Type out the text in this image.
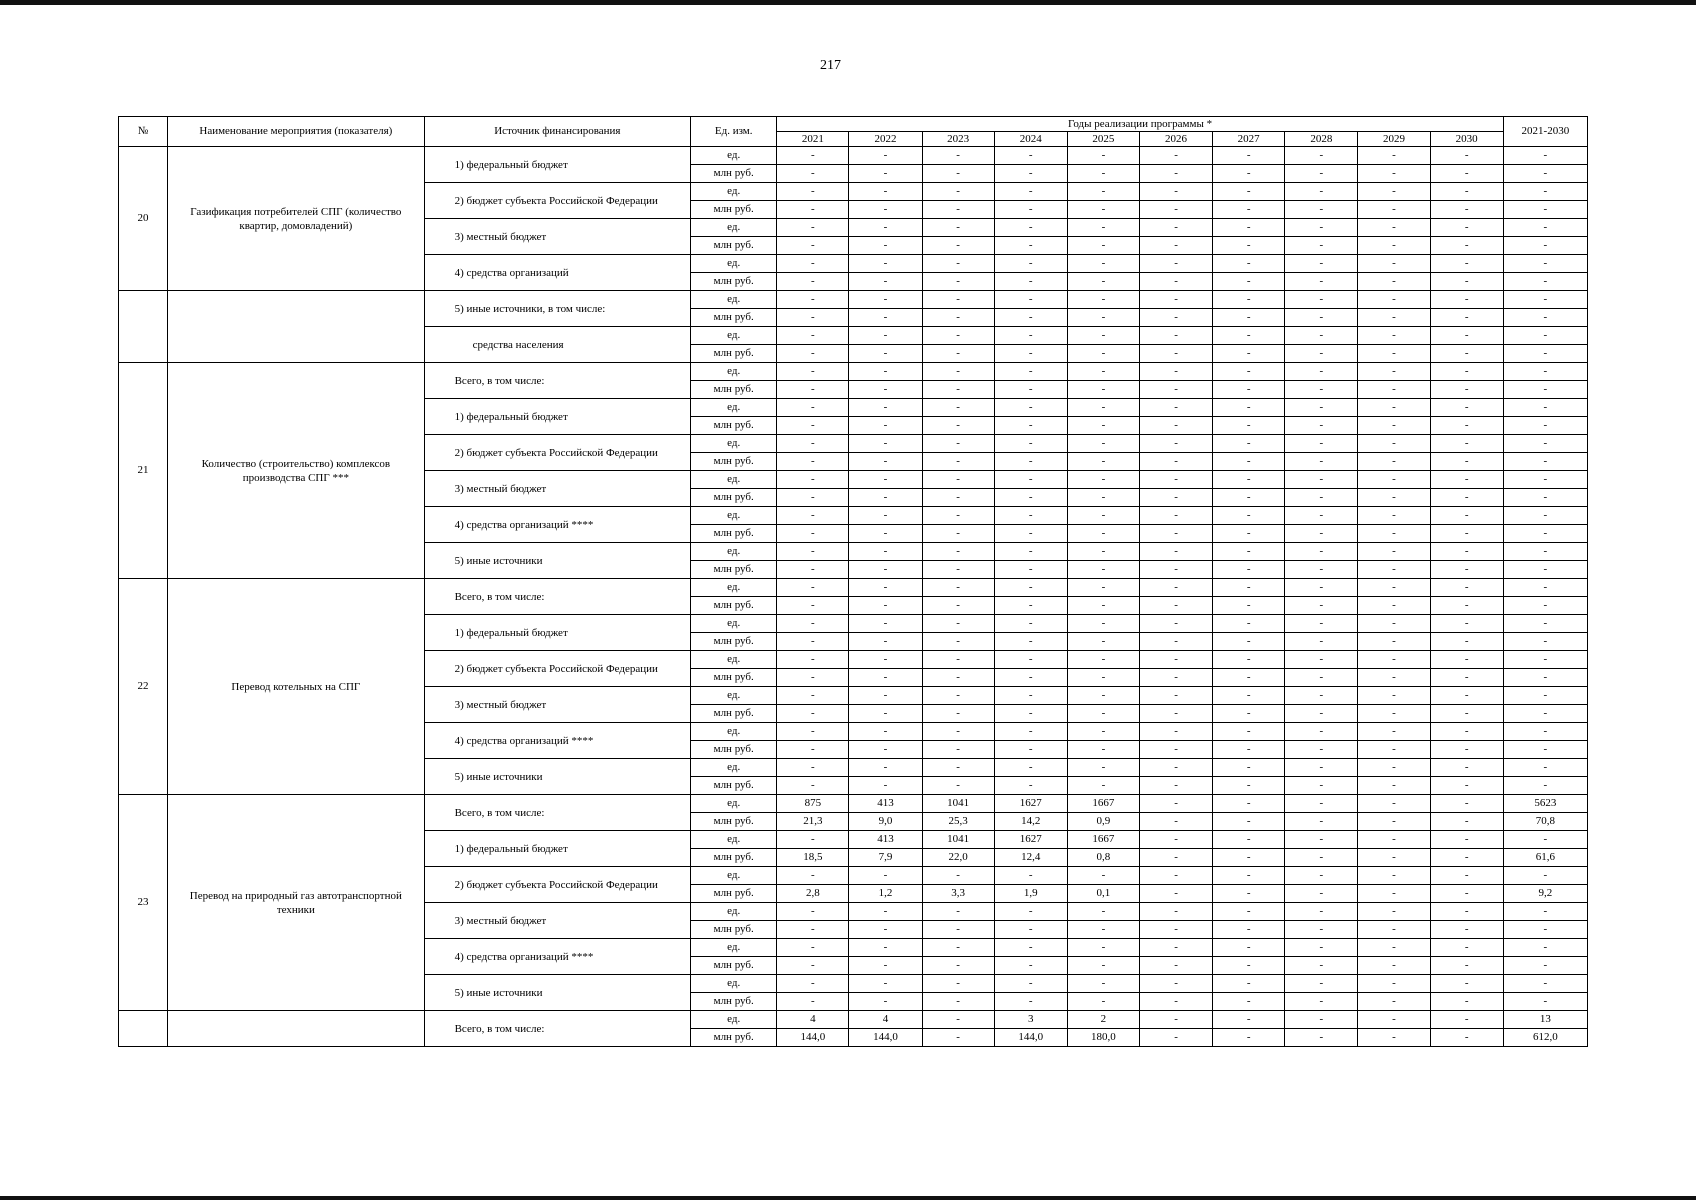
217
№	Наименование мероприятия (показателя)	Источник финансирования	Ед. изм.	Годы реализации программы *										2021-2030
				2021	2022	2023	2024	2025	2026	2027	2028	2029	2030	
20	Газификация потребителей СПГ (количество квартир, домовладений)	1) федеральный бюджет	ед.	-	-	-	-	-	-	-	-	-	-	-
			млн руб.	-	-	-	-	-	-	-	-	-	-	-
		2) бюджет субъекта Российской Федерации	ед.	-	-	-	-	-	-	-	-	-	-	-
			млн руб.	-	-	-	-	-	-	-	-	-	-	-
		3) местный бюджет	ед.	-	-	-	-	-	-	-	-	-	-	-
			млн руб.	-	-	-	-	-	-	-	-	-	-	-
		4) средства организаций	ед.	-	-	-	-	-	-	-	-	-	-	-
			млн руб.	-	-	-	-	-	-	-	-	-	-	-
		5) иные источники, в том числе:	ед.	-	-	-	-	-	-	-	-	-	-	-
			млн руб.	-	-	-	-	-	-	-	-	-	-	-
		средства населения	ед.	-	-	-	-	-	-	-	-	-	-	-
			млн руб.	-	-	-	-	-	-	-	-	-	-	-
21	Количество (строительство) комплексов производства СПГ ***	Всего, в том числе:	ед.	-	-	-	-	-	-	-	-	-	-	-
			млн руб.	-	-	-	-	-	-	-	-	-	-	-
		1) федеральный бюджет	ед.	-	-	-	-	-	-	-	-	-	-	-
			млн руб.	-	-	-	-	-	-	-	-	-	-	-
		2) бюджет субъекта Российской Федерации	ед.	-	-	-	-	-	-	-	-	-	-	-
			млн руб.	-	-	-	-	-	-	-	-	-	-	-
		3) местный бюджет	ед.	-	-	-	-	-	-	-	-	-	-	-
			млн руб.	-	-	-	-	-	-	-	-	-	-	-
		4) средства организаций ****	ед.	-	-	-	-	-	-	-	-	-	-	-
			млн руб.	-	-	-	-	-	-	-	-	-	-	-
		5) иные источники	ед.	-	-	-	-	-	-	-	-	-	-	-
			млн руб.	-	-	-	-	-	-	-	-	-	-	-
22	Перевод котельных на СПГ	Всего, в том числе:	ед.	-	-	-	-	-	-	-	-	-	-	-
			млн руб.	-	-	-	-	-	-	-	-	-	-	-
		1) федеральный бюджет	ед.	-	-	-	-	-	-	-	-	-	-	-
			млн руб.	-	-	-	-	-	-	-	-	-	-	-
		2) бюджет субъекта Российской Федерации	ед.	-	-	-	-	-	-	-	-	-	-	-
			млн руб.	-	-	-	-	-	-	-	-	-	-	-
		3) местный бюджет	ед.	-	-	-	-	-	-	-	-	-	-	-
			млн руб.	-	-	-	-	-	-	-	-	-	-	-
		4) средства организаций ****	ед.	-	-	-	-	-	-	-	-	-	-	-
			млн руб.	-	-	-	-	-	-	-	-	-	-	-
		5) иные источники	ед.	-	-	-	-	-	-	-	-	-	-	-
			млн руб.	-	-	-	-	-	-	-	-	-	-	-
23	Перевод на природный газ автотранспортной техники	Всего, в том числе:	ед.	875	413	1041	1627	1667	-	-	-	-	-	5623
			млн руб.	21,3	9,0	25,3	14,2	0,9	-	-	-	-	-	70,8
		1) федеральный бюджет	ед.	-	413	1041	1627	1667	-	-	-	-	-	-
			млн руб.	18,5	7,9	22,0	12,4	0,8	-	-	-	-	-	61,6
		2) бюджет субъекта Российской Федерации	ед.	-	-	-	-	-	-	-	-	-	-	-
			млн руб.	2,8	1,2	3,3	1,9	0,1	-	-	-	-	-	9,2
		3) местный бюджет	ед.	-	-	-	-	-	-	-	-	-	-	-
			млн руб.	-	-	-	-	-	-	-	-	-	-	-
		4) средства организаций ****	ед.	-	-	-	-	-	-	-	-	-	-	-
			млн руб.	-	-	-	-	-	-	-	-	-	-	-
		5) иные источники	ед.	-	-	-	-	-	-	-	-	-	-	-
			млн руб.	-	-	-	-	-	-	-	-	-	-	-
		Всего, в том числе:	ед.	4	4	-	3	2	-	-	-	-	-	13
			млн руб.	144,0	144,0	-	144,0	180,0	-	-	-	-	-	612,0
